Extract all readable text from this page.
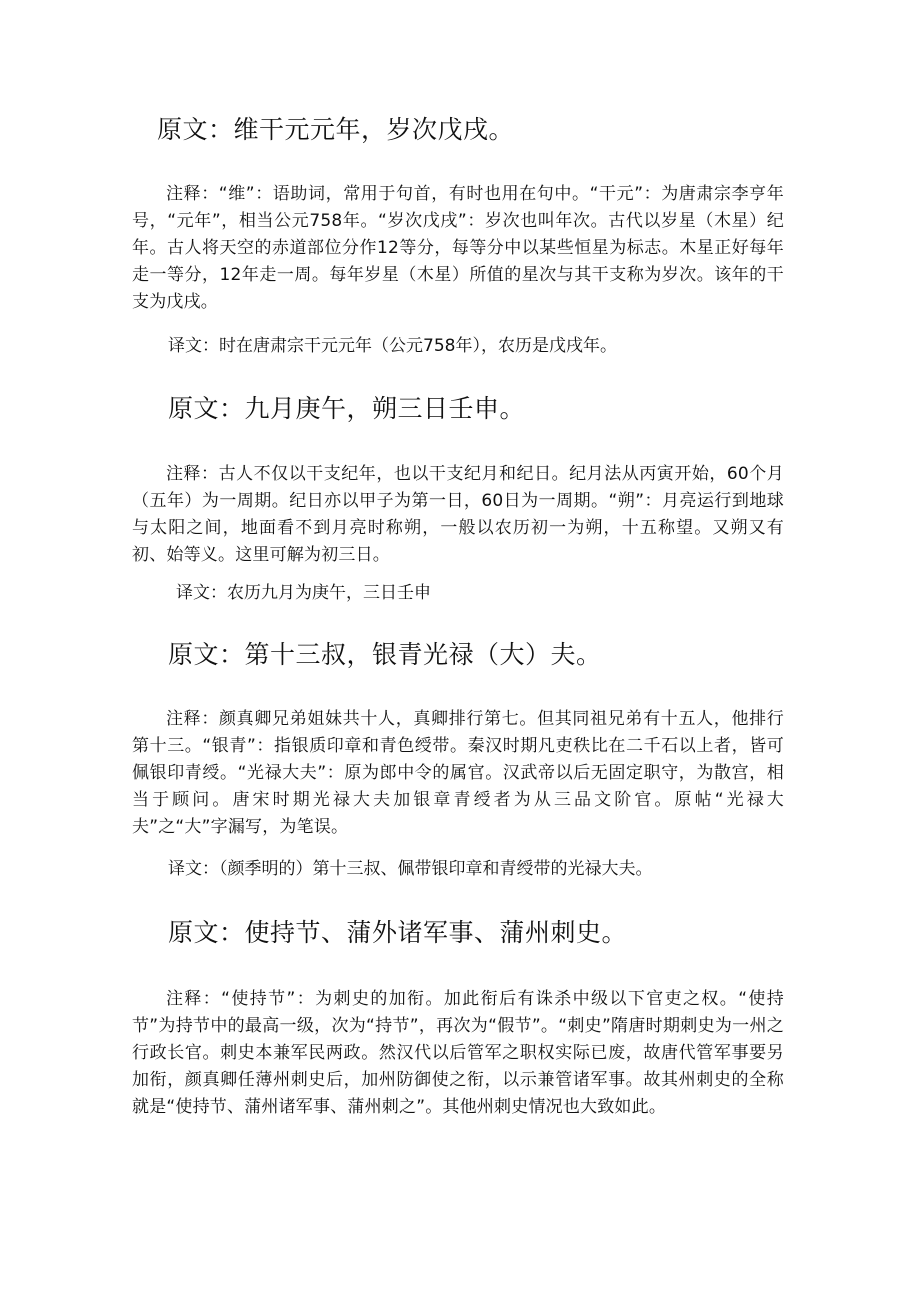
原文：维干元元年，岁次戊戌。

注释：“维”：语助词，常用于句首，有时也用在句中。“干元”：为唐肃宗李亨年号，“元年”，相当公元758年。“岁次戊戌”：岁次也叫年次。古代以岁星（木星）纪年。古人将天空的赤道部位分作12等分，每等分中以某些恒星为标志。木星正好每年走一等分，12年走一周。每年岁星（木星）所值的星次与其干支称为岁次。该年的干支为戊戌。

译文：时在唐肃宗干元元年（公元758年），农历是戊戌年。

原文：九月庚午，朔三日壬申。

注释：古人不仅以干支纪年，也以干支纪月和纪日。纪月法从丙寅开始，60个月（五年）为一周期。纪日亦以甲子为第一日，60日为一周期。“朔”：月亮运行到地球与太阳之间，地面看不到月亮时称朔，一般以农历初一为朔，十五称望。又朔又有初、始等义。这里可解为初三日。

译文：农历九月为庚午，三日壬申

原文：第十三叔，银青光禄（大）夫。

注释：颜真卿兄弟姐妹共十人，真卿排行第七。但其同祖兄弟有十五人，他排行第十三。“银青”：指银质印章和青色绶带。秦汉时期凡吏秩比在二千石以上者，皆可佩银印青绶。“光禄大夫”：原为郎中令的属官。汉武帝以后无固定职守，为散宫，相当于顾问。唐宋时期光禄大夫加银章青绶者为从三品文阶官。原帖“光禄大夫”之“大”字漏写，为笔误。

译文：（颜季明的）第十三叔、佩带银印章和青绶带的光禄大夫。

原文：使持节、蒲外诸军事、蒲州刺史。

注释：“使持节”：为刺史的加衔。加此衔后有诛杀中级以下官吏之权。“使持节”为持节中的最高一级，次为“持节”，再次为“假节”。“刺史”隋唐时期刺史为一州之行政长官。刺史本兼军民两政。然汉代以后管军之职权实际已废，故唐代管军事要另加衔，颜真卿任薄州刺史后，加州防御使之衔，以示兼管诸军事。故其州刺史的全称就是“使持节、蒲州诸军事、蒲州刺之”。其他州刺史情况也大致如此。
